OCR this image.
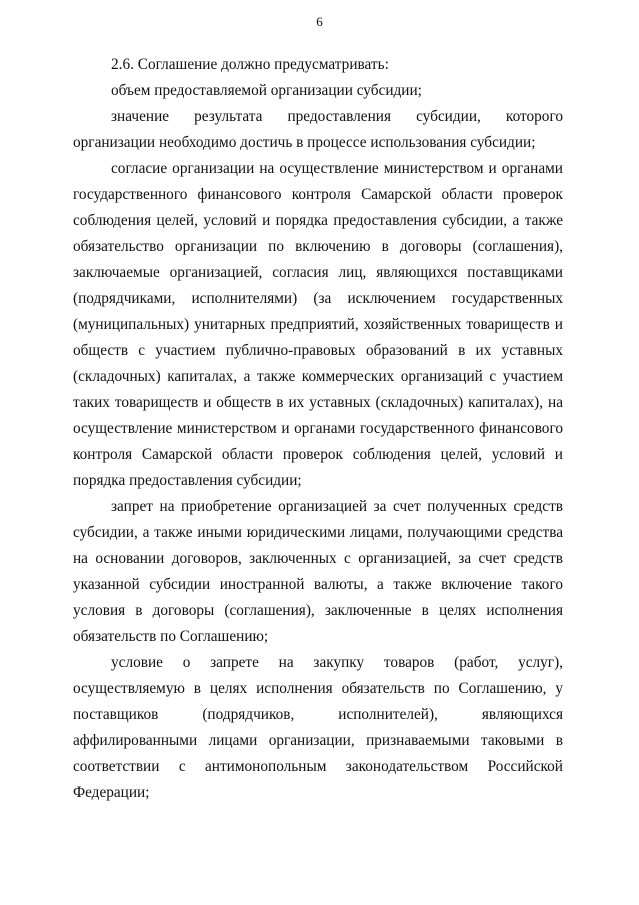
6

2.6. Соглашение должно предусматривать:

объем предоставляемой организации субсидии;

значение результата предоставления субсидии, которого организации необходимо достичь в процессе использования субсидии;

согласие организации на осуществление министерством и органами государственного финансового контроля Самарской области проверок соблюдения целей, условий и порядка предоставления субсидии, а также обязательство организации по включению в договоры (соглашения), заключаемые организацией, согласия лиц, являющихся поставщиками (подрядчиками, исполнителями) (за исключением государственных (муниципальных) унитарных предприятий, хозяйственных товариществ и обществ с участием публично-правовых образований в их уставных (складочных) капиталах, а также коммерческих организаций с участием таких товариществ и обществ в их уставных (складочных) капиталах), на осуществление министерством и органами государственного финансового контроля Самарской области проверок соблюдения целей, условий и порядка предоставления субсидии;

запрет на приобретение организацией за счет полученных средств субсидии, а также иными юридическими лицами, получающими средства на основании договоров, заключенных с организацией, за счет средств указанной субсидии иностранной валюты, а также включение такого условия в договоры (соглашения), заключенные в целях исполнения обязательств по Соглашению;

условие о запрете на закупку товаров (работ, услуг), осуществляемую в целях исполнения обязательств по Соглашению, у поставщиков (подрядчиков, исполнителей), являющихся аффилированными лицами организации, признаваемыми таковыми в соответствии с антимонопольным законодательством Российской Федерации;
